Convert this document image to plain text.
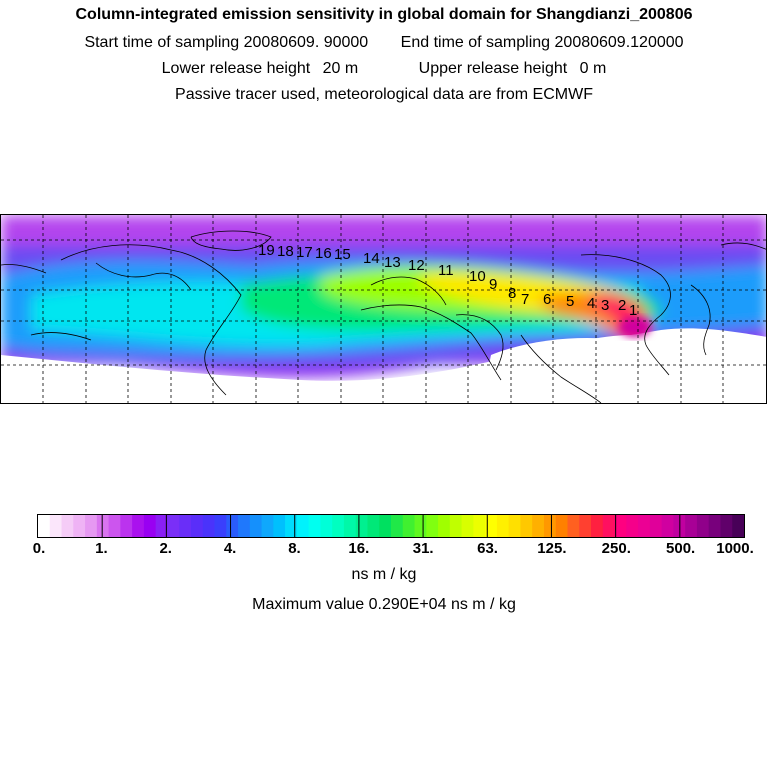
Column-integrated emission sensitivity in global domain for Shangdianzi_200806
Start time of sampling 20080609. 90000 End time of sampling 20080609.120000
Lower release height 20 m	Upper release height 0 m
Passive tracer used, meteorological data are from ECMWF
19 18 17 16 15 14 13 12 11 10 9
8 7 6 5 4 3 2 1
0.	1.	2.	4.	8.	16.	31.	63.	125. 250. 500. 1000.
ns m / kg
Maximum value 0.290E+04 ns m / kg
